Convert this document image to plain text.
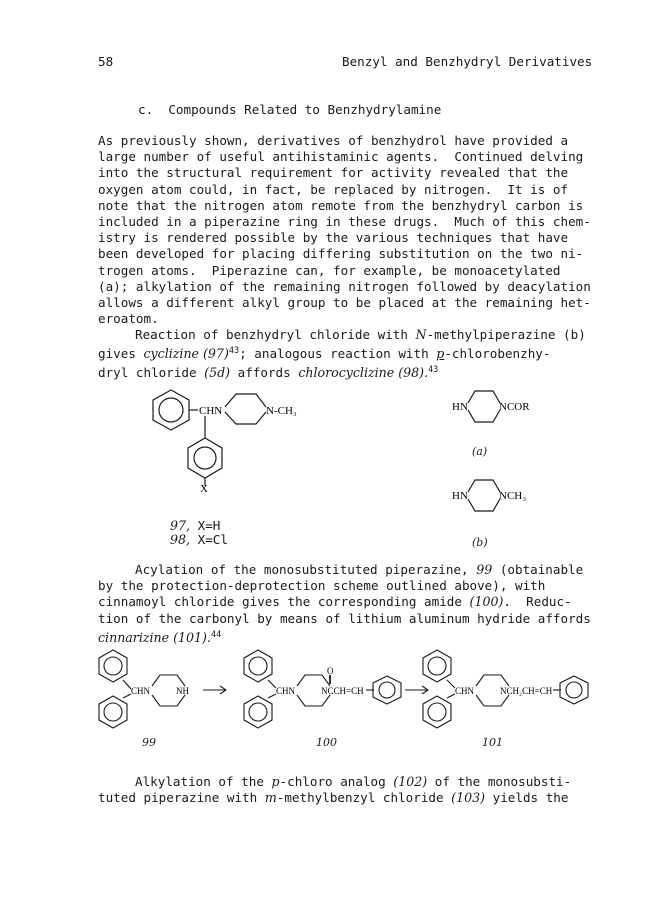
58	Benzyl and Benzhydryl Derivatives
c.  Compounds Related to Benzhydrylamine
As previously shown, derivatives of benzhydrol have provided a
large number of useful antihistaminic agents.  Continued delving
into the structural requirement for activity revealed that the
oxygen atom could, in fact, be replaced by nitrogen.  It is of
note that the nitrogen atom remote from the benzhydryl carbon is
included in a piperazine ring in these drugs.  Much of this chem-
istry is rendered possible by the various techniques that have
been developed for placing differing substitution on the two ni-
trogen atoms.  Piperazine can, for example, be monoacetylated
(a); alkylation of the remaining nitrogen followed by deacylation
allows a different alkyl group to be placed at the remaining het-
eroatom.
Reaction of benzhydryl chloride with N-methylpiperazine (b)
gives cyclizine $(97)^{43}$; analogous reaction with p-chlorobenzhy-
dryl chloride (5d) affords chlorocyclizine (98).$^{43}$
CHN	N-CH₃
X
HN	NCOR
HN	NCH₃
97, X=H
98, X=Cl
(a)
(b)
Acylation of the monosubstituted piperazine, 99 (obtainable
by the protection-deprotection scheme outlined above), with
cinnamoyl chloride gives the corresponding amide (100).  Reduc-
tion of the carbonyl by means of lithium aluminum hydride affords
cinnarizine (101).$^{44}$
CHN	NH	CHN
O
NCCH=CH	CHN	NCH₂CH=CH
99	100	101
Alkylation of the p-chloro analog (102) of the monosubsti-
tuted piperazine with m-methylbenzyl chloride (103) yields the
